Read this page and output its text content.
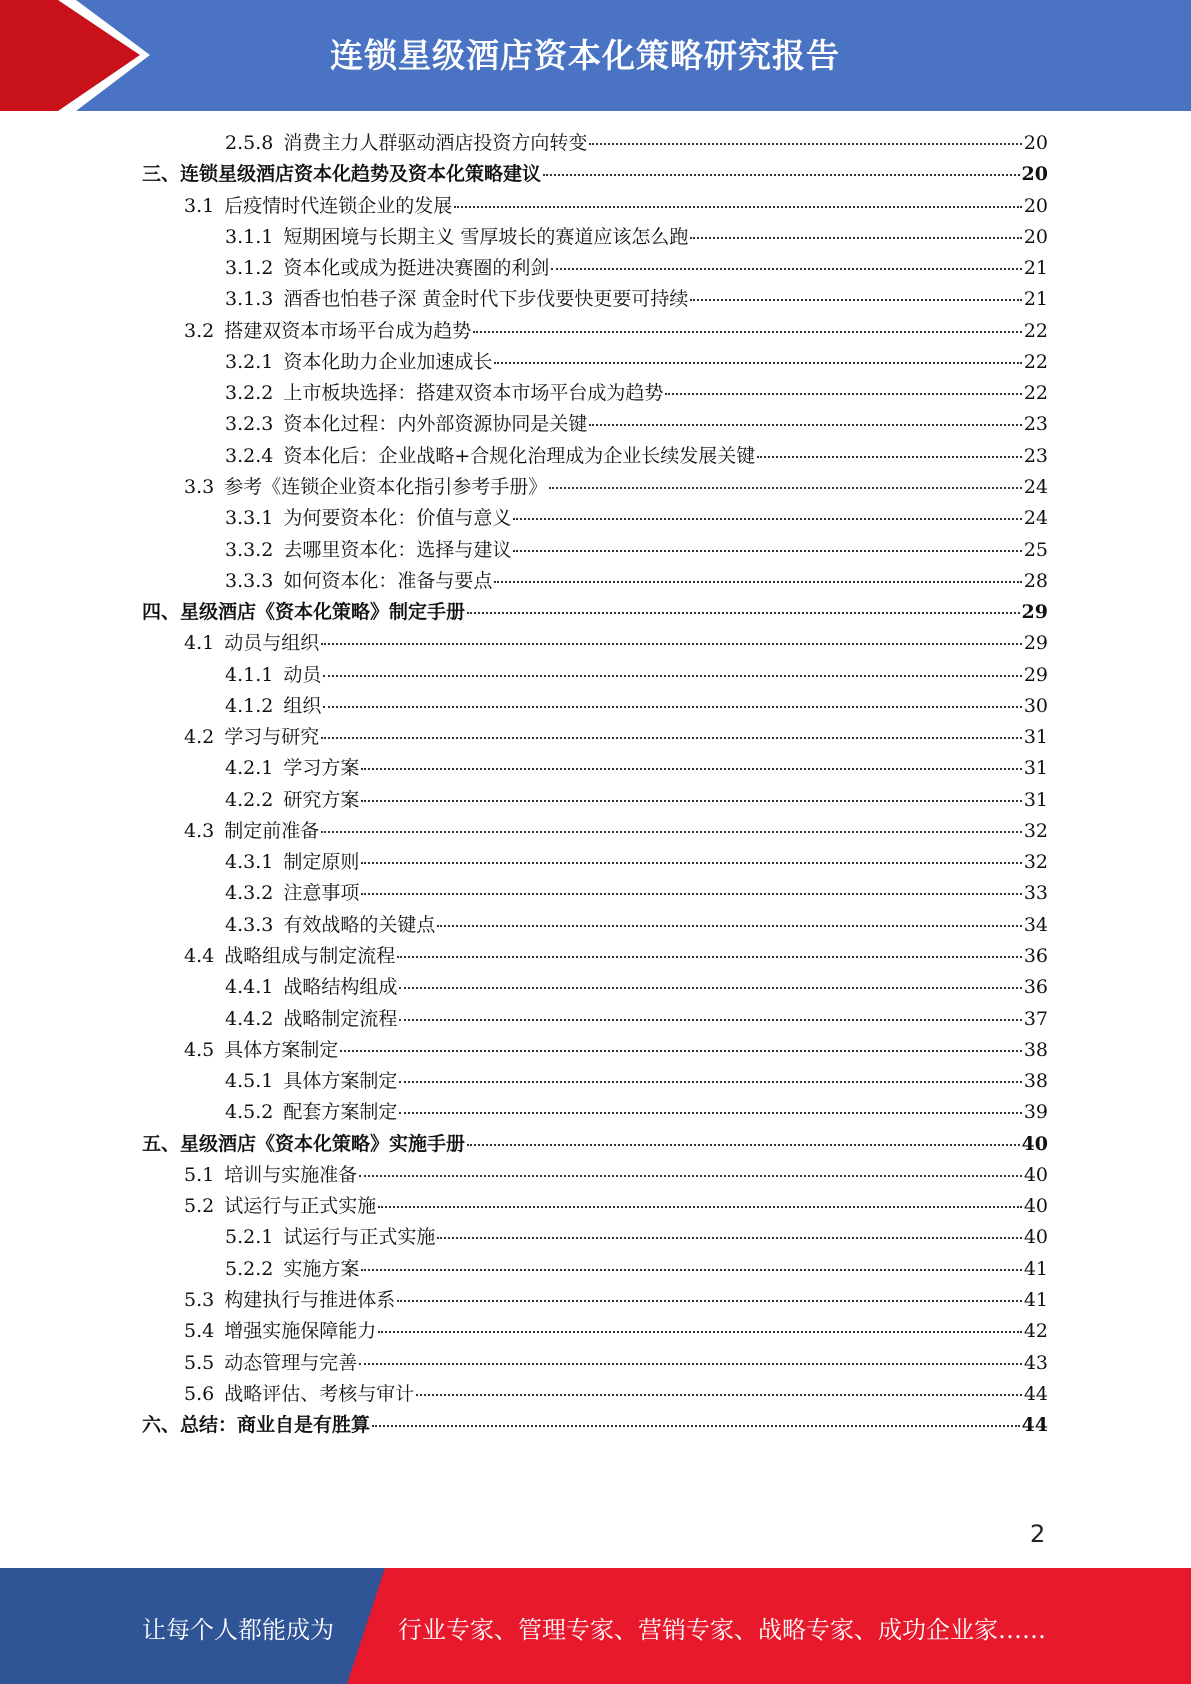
连锁星级酒店资本化策略研究报告
2.5.8 消费主力人群驱动酒店投资方向转变	20
三、连锁星级酒店资本化趋势及资本化策略建议	20
3.1 后疫情时代连锁企业的发展	20
3.1.1 短期困境与长期主义 雪厚坡长的赛道应该怎么跑	20
3.1.2 资本化或成为挺进决赛圈的利剑	21
3.1.3 酒香也怕巷子深 黄金时代下步伐要快更要可持续	21
3.2 搭建双资本市场平台成为趋势	22
3.2.1 资本化助力企业加速成长	22
3.2.2 上市板块选择：搭建双资本市场平台成为趋势	22
3.2.3 资本化过程：内外部资源协同是关键	23
3.2.4 资本化后：企业战略+合规化治理成为企业长续发展关键	23
3.3 参考《连锁企业资本化指引参考手册》	24
3.3.1 为何要资本化：价值与意义	24
3.3.2 去哪里资本化：选择与建议	25
3.3.3 如何资本化：准备与要点	28
四、星级酒店《资本化策略》制定手册	29
4.1 动员与组织	29
4.1.1 动员	29
4.1.2 组织	30
4.2 学习与研究	31
4.2.1 学习方案	31
4.2.2 研究方案	31
4.3 制定前准备	32
4.3.1 制定原则	32
4.3.2 注意事项	33
4.3.3 有效战略的关键点	34
4.4 战略组成与制定流程	36
4.4.1 战略结构组成	36
4.4.2 战略制定流程	37
4.5 具体方案制定	38
4.5.1 具体方案制定	38
4.5.2 配套方案制定	39
五、星级酒店《资本化策略》实施手册	40
5.1 培训与实施准备	40
5.2 试运行与正式实施	40
5.2.1 试运行与正式实施	40
5.2.2 实施方案	41
5.3 构建执行与推进体系	41
5.4 增强实施保障能力	42
5.5 动态管理与完善	43
5.6 战略评估、考核与审计	44
六、总结：商业自是有胜算	44
2
让每个人都能成为	行业专家、管理专家、营销专家、战略专家、成功企业家……
